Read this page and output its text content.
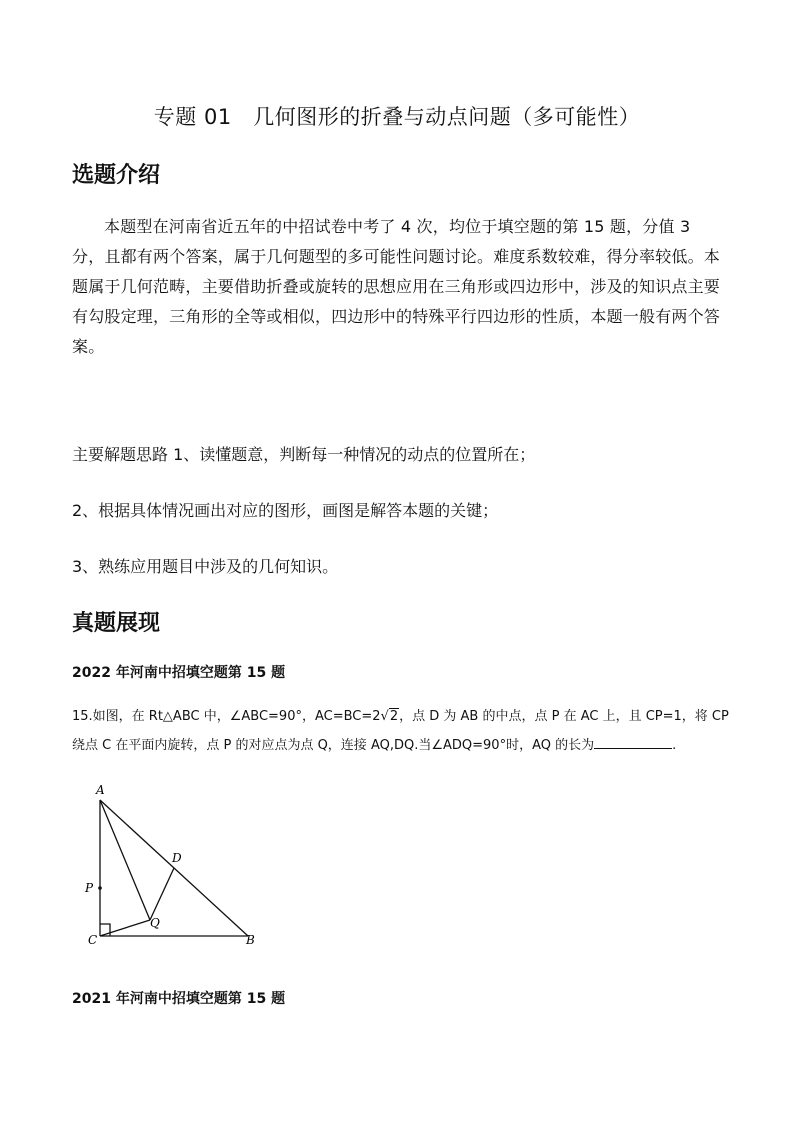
专题 01　几何图形的折叠与动点问题（多可能性）
选题介绍
本题型在河南省近五年的中招试卷中考了 4 次，均位于填空题的第 15 题，分值 3 分，且都有两个答案，属于几何题型的多可能性问题讨论。难度系数较难，得分率较低。本题属于几何范畴，主要借助折叠或旋转的思想应用在三角形或四边形中，涉及的知识点主要有勾股定理，三角形的全等或相似，四边形中的特殊平行四边形的性质，本题一般有两个答案。
主要解题思路 1、读懂题意，判断每一种情况的动点的位置所在；
2、根据具体情况画出对应的图形，画图是解答本题的关键；
3、熟练应用题目中涉及的几何知识。
真题展现
2022 年河南中招填空题第 15 题
15.如图，在 Rt△ABC 中，∠ABC=90°，AC=BC=2√2，点 D 为 AB 的中点，点 P 在 AC 上，且 CP=1，将 CP 绕点 C 在平面内旋转，点 P 的对应点为点 Q，连接 AQ,DQ.当∠ADQ=90°时，AQ 的长为	.
A
B
C
D
P
Q
2021 年河南中招填空题第 15 题
